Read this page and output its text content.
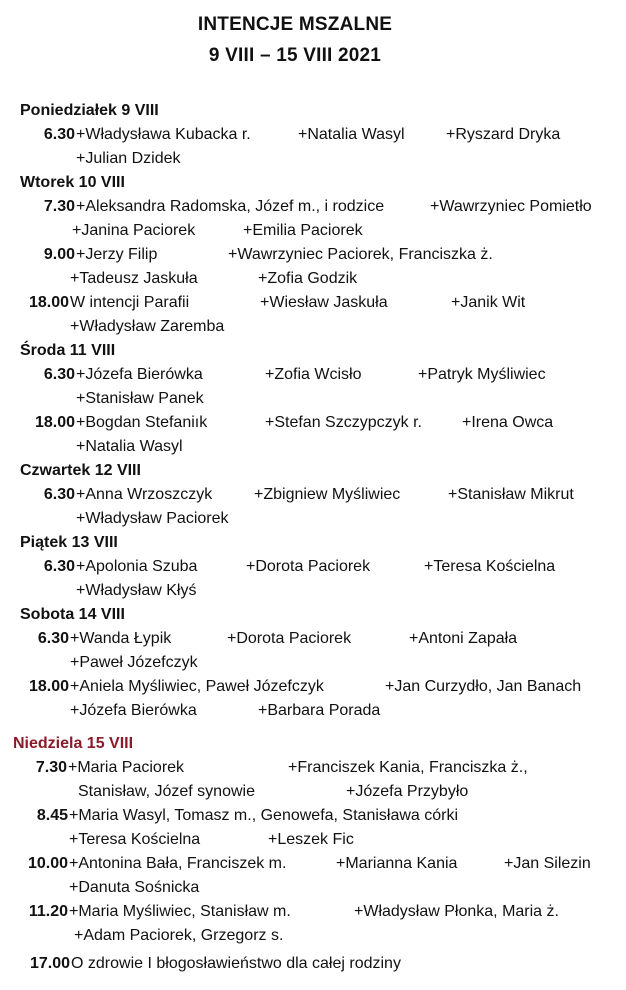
INTENCJE MSZALNE
9 VIII – 15 VIII 2021
Poniedziałek 9 VIII
6.30 +Władysława Kubacka r.	+Natalia Wasyl	+Ryszard Dryka
+Julian Dzidek
Wtorek 10 VIII
7.30 +Aleksandra Radomska, Józef m., i rodzice	+Wawrzyniec Pomietło
+Janina Paciorek	+Emilia Paciorek
9.00 +Jerzy Filip	+Wawrzyniec Paciorek, Franciszka ż.
+Tadeusz Jaskuła	+Zofia Godzik
18.00 W intencji Parafii	+Wiesław Jaskuła	+Janik Wit
+Władysław Zaremba
Środa 11 VIII
6.30 +Józefa Bierówka	+Zofia Wcisło	+Patryk Myśliwiec
+Stanisław Panek
18.00 +Bogdan Stefaniık	+Stefan Szczypczyk r.	+Irena Owca
+Natalia Wasyl
Czwartek 12 VIII
6.30 +Anna Wrzoszczyk	+Zbigniew Myśliwiec	+Stanisław Mikrut
+Władysław Paciorek
Piątek 13 VIII
6.30 +Apolonia Szuba	+Dorota Paciorek	+Teresa Kościelna
+Władysław Kłyś
Sobota 14 VIII
6.30 +Wanda Łypik	+Dorota Paciorek	+Antoni Zapała
+Paweł Józefczyk
18.00 +Aniela Myśliwiec, Paweł Józefczyk	+Jan Curzydło, Jan Banach
+Józefa Bierówka	+Barbara Porada
Niedziela 15 VIII
7.30 +Maria Paciorek	+Franciszek Kania, Franciszka ż.,
Stanisław, Józef synowie	+Józefa Przybyło
8.45 +Maria Wasyl, Tomasz m., Genowefa, Stanisława córki
+Teresa Kościelna	+Leszek Fic
10.00 +Antonina Bała, Franciszek m.	+Marianna Kania	+Jan Silezin
+Danuta Sośnicka
11.20 +Maria Myśliwiec, Stanisław m.	+Władysław Płonka, Maria ż.
+Adam Paciorek, Grzegorz s.
17.00 O zdrowie I błogosławieństwo dla całej rodziny
